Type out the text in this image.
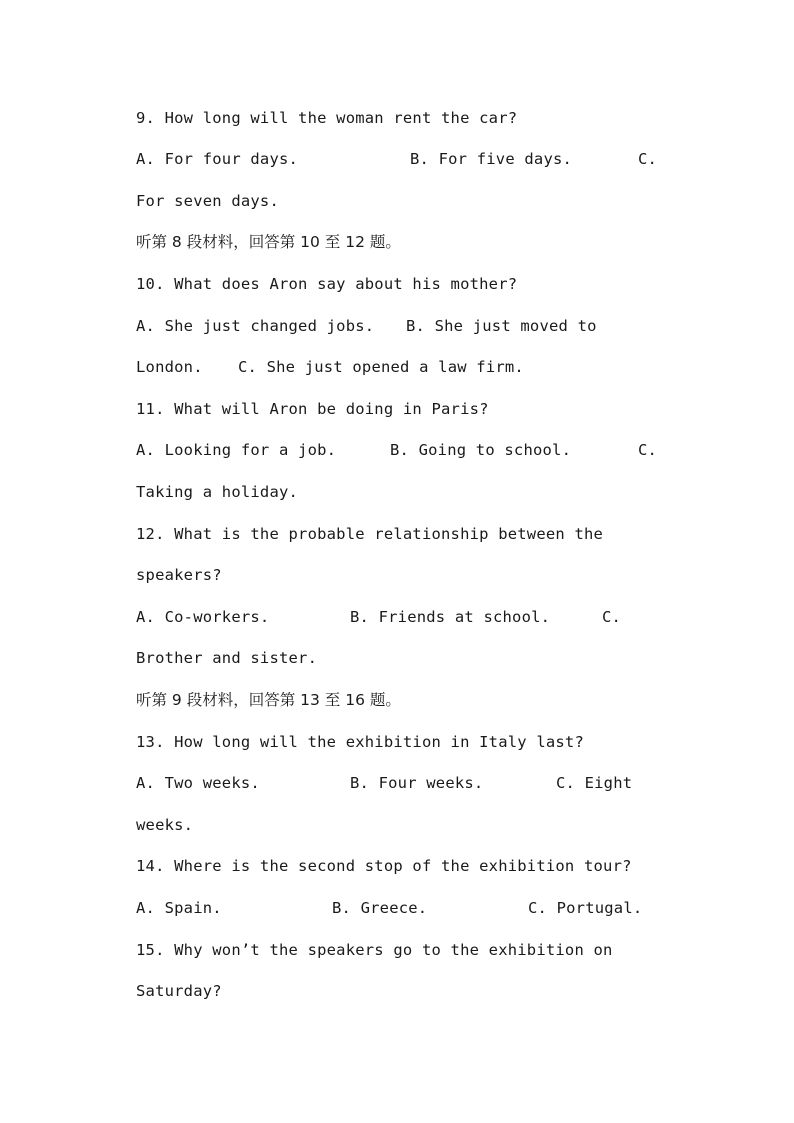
9. How long will the woman rent the car?

A. For four days.

	B. For five days.

	C.

For seven days.
听第 8 段材料，回答第 10 至 12 题。
10. What does Aron say about his mother?

A. She just changed jobs.

B. She just moved to

London.

C. She just opened a law firm.

11. What will Aron be doing in Paris?

A. Looking for a job.

	B. Going to school.

	C.

Taking a holiday.
12. What is the probable relationship between the
speakers?

A. Co-workers.

	B. Friends at school.

	C.

Brother and sister.
听第 9 段材料，回答第 13 至 16 题。
13. How long will the exhibition in Italy last?

A. Two weeks.

	B. Four weeks.

	C. Eight

weeks.
14. Where is the second stop of the exhibition tour?

A. Spain.

	B. Greece.

	C. Portugal.

15. Why won’t the speakers go to the exhibition on
Saturday?
